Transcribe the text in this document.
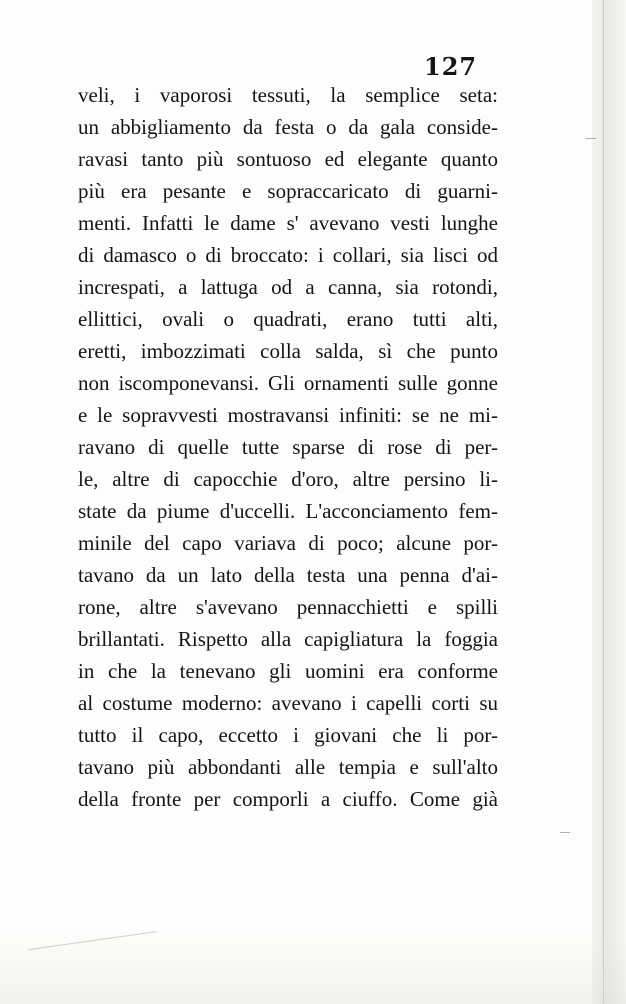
127
veli, i vaporosi tessuti, la semplice seta:
un abbigliamento da festa o da gala conside-
ravasi tanto più sontuoso ed elegante quanto
più era pesante e sopraccaricato di guarni-
menti. Infatti le dame s' avevano vesti lunghe
di damasco o di broccato: i collari, sia lisci od
increspati, a lattuga od a canna, sia rotondi,
ellittici, ovali o quadrati, erano tutti alti,
eretti, imbozzimati colla salda, sì che punto
non iscomponevansi. Gli ornamenti sulle gonne
e le sopravvesti mostravansi infiniti: se ne mi-
ravano di quelle tutte sparse di rose di per-
le, altre di capocchie d'oro, altre persino li-
state da piume d'uccelli. L'acconciamento fem-
minile del capo variava di poco; alcune por-
tavano da un lato della testa una penna d'ai-
rone, altre s'avevano pennacchietti e spilli
brillantati. Rispetto alla capigliatura la foggia
in che la tenevano gli uomini era conforme
al costume moderno: avevano i capelli corti su
tutto il capo, eccetto i giovani che li por-
tavano più abbondanti alle tempia e sull'alto
della fronte per comporli a ciuffo. Come già
